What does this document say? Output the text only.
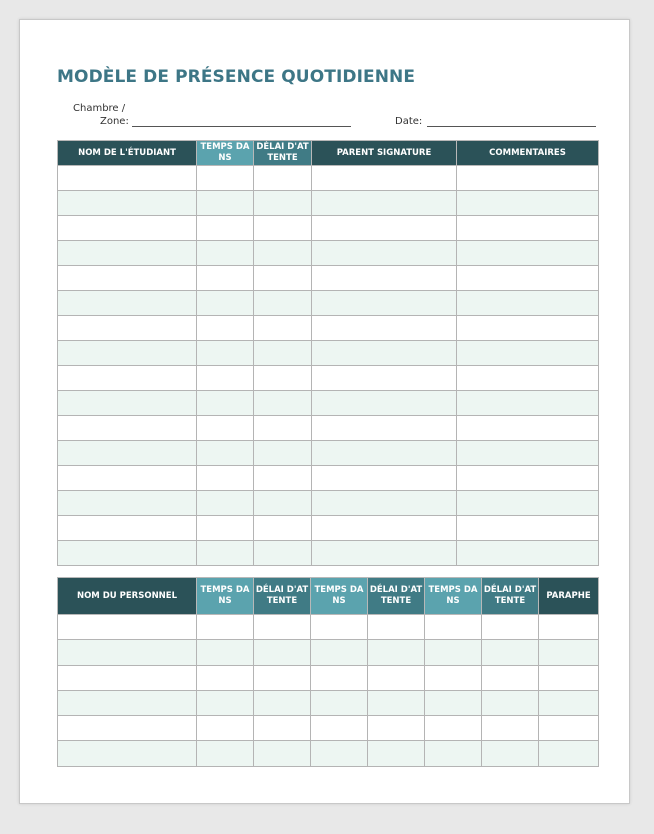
MODÈLE DE PRÉSENCE QUOTIDIENNE
Chambre /
Zone:	Date:
NOM DE L'ÉTUDIANT	TEMPS DANS	DÉLAI D'ATTENTE	PARENT SIGNATURE	COMMENTAIRES

NOM DU PERSONNEL	TEMPS DANS	DÉLAI D'ATTENTE	TEMPS DANS	DÉLAI D'ATTENTE	TEMPS DANS	DÉLAI D'ATTENTE	PARAPHE
